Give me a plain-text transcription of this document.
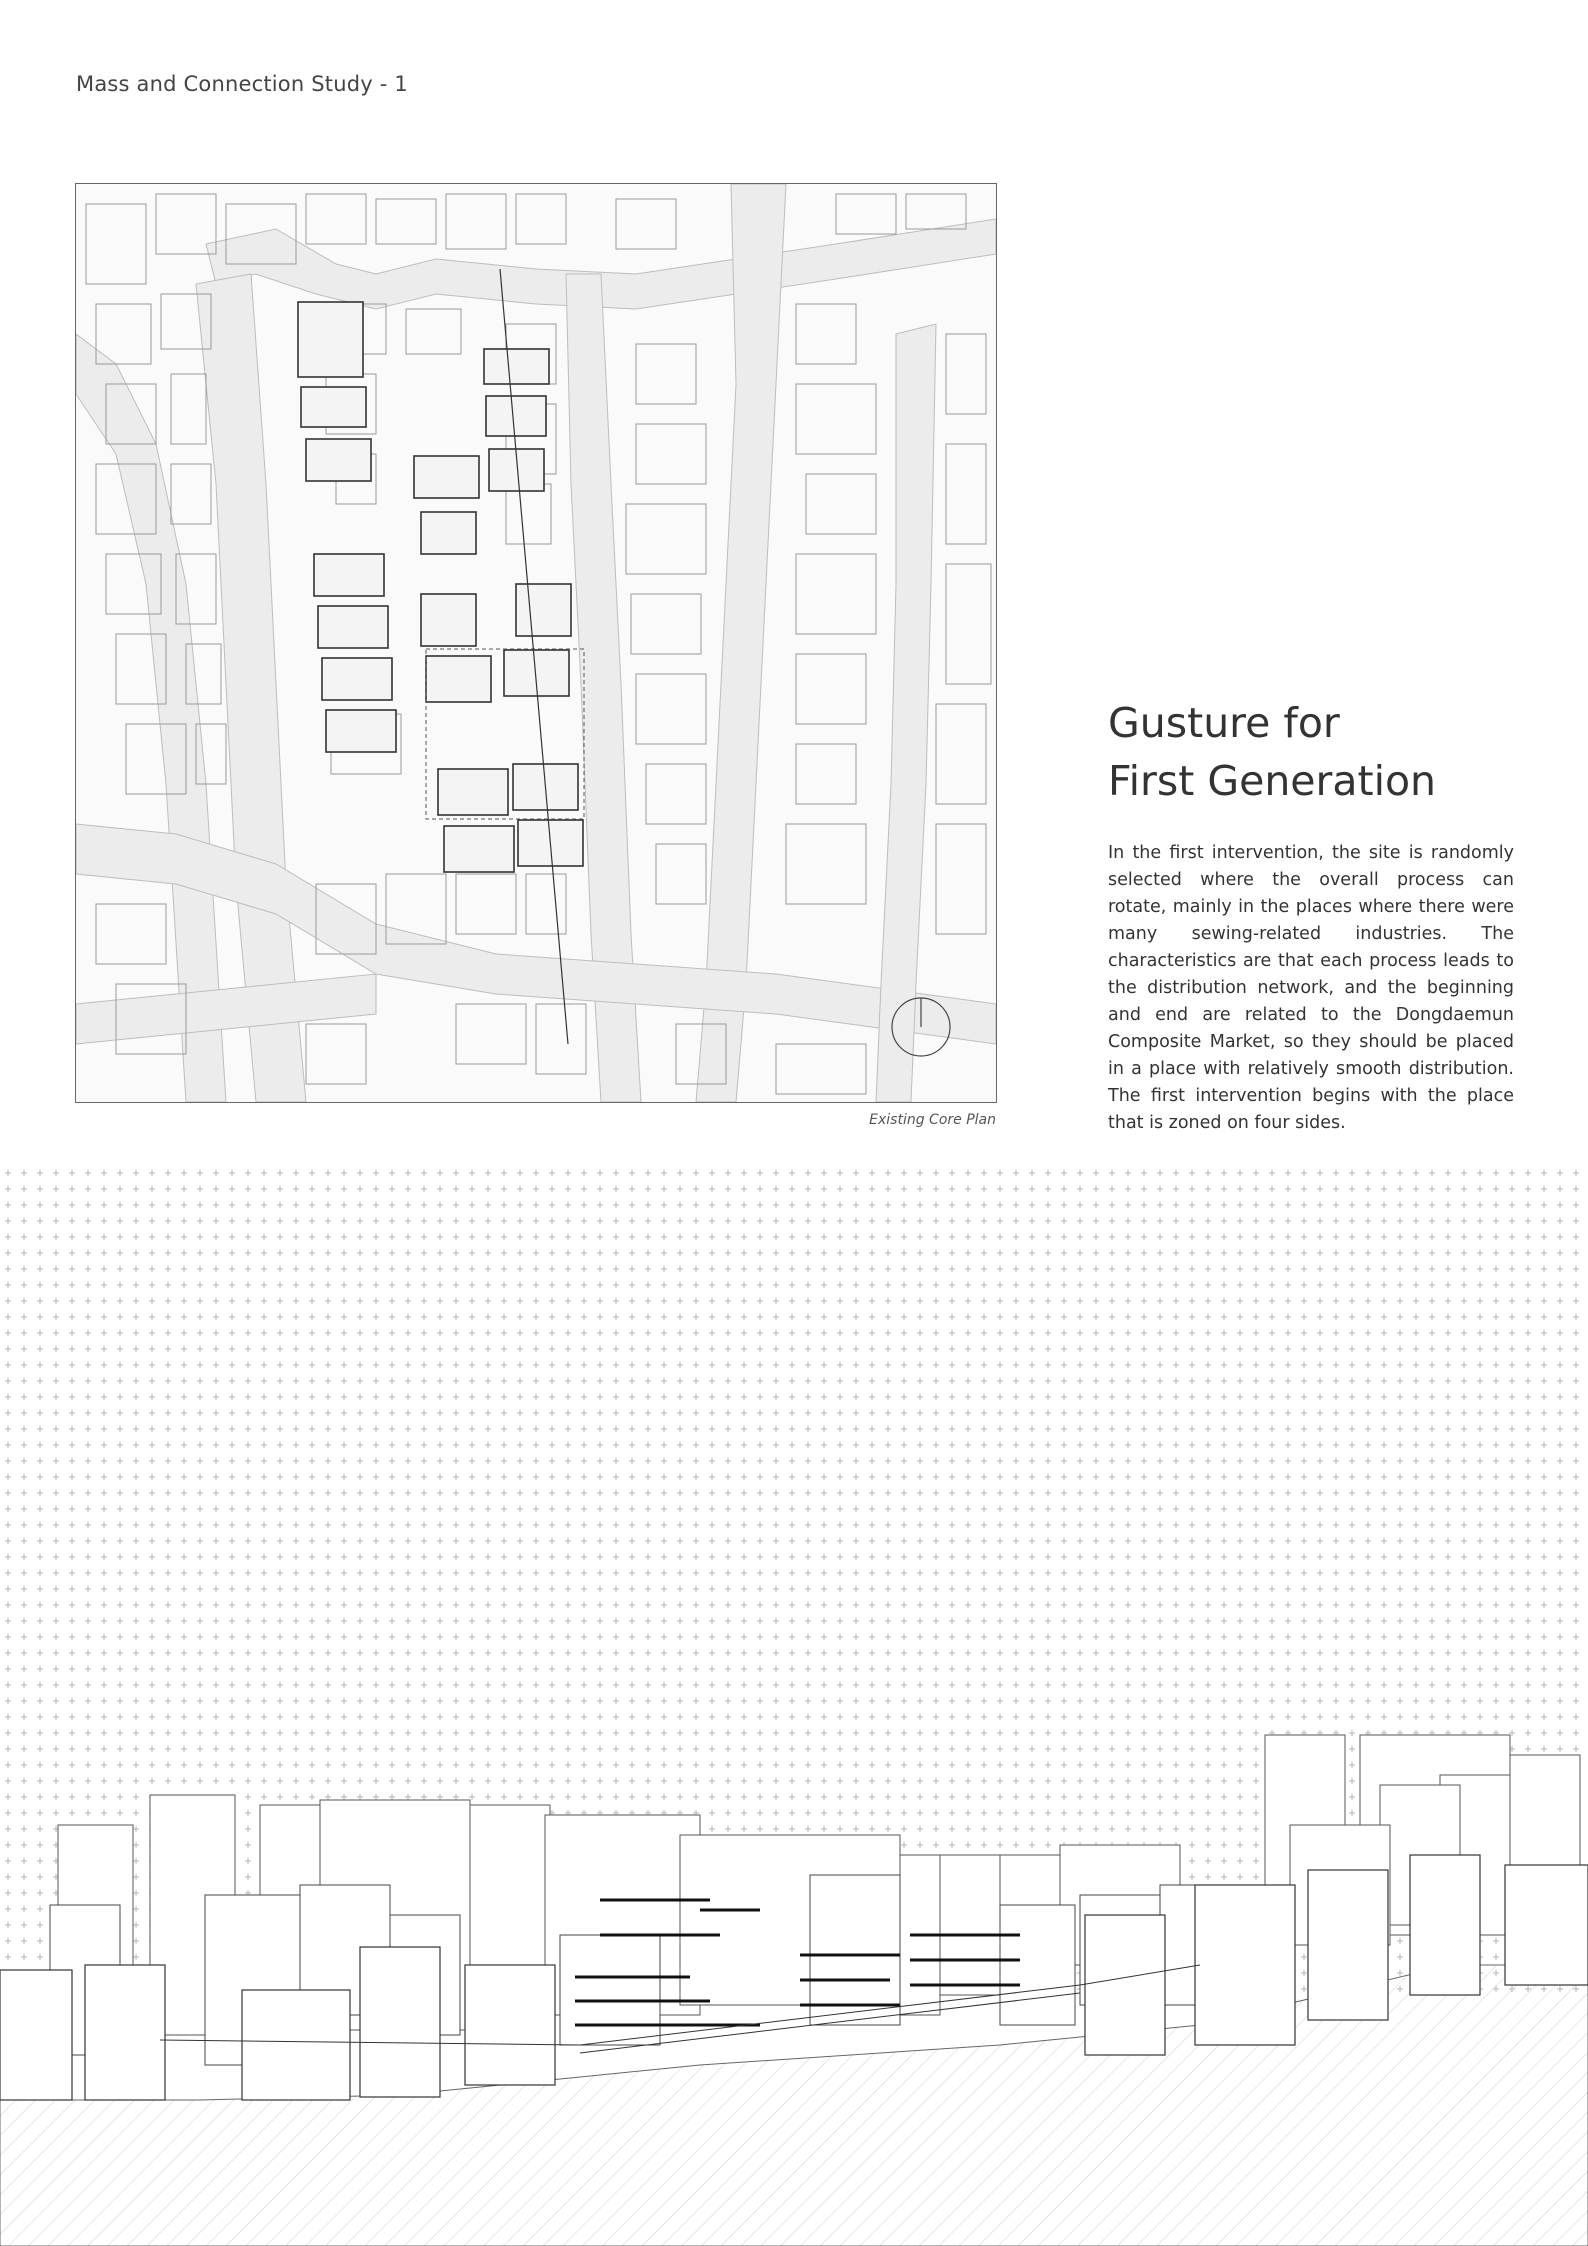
Mass and Connection Study - 1
Existing Core Plan
Gusture for
First Generation
In the first intervention, the site is randomly selected where the overall process can rotate, mainly in the places where there were many sewing-related industries. The characteristics are that each process leads to the distribution network, and the beginning and end are related to the Dongdaemun Composite Market, so they should be placed in a place with relatively smooth distribution. The first intervention begins with the place that is zoned on four sides.
